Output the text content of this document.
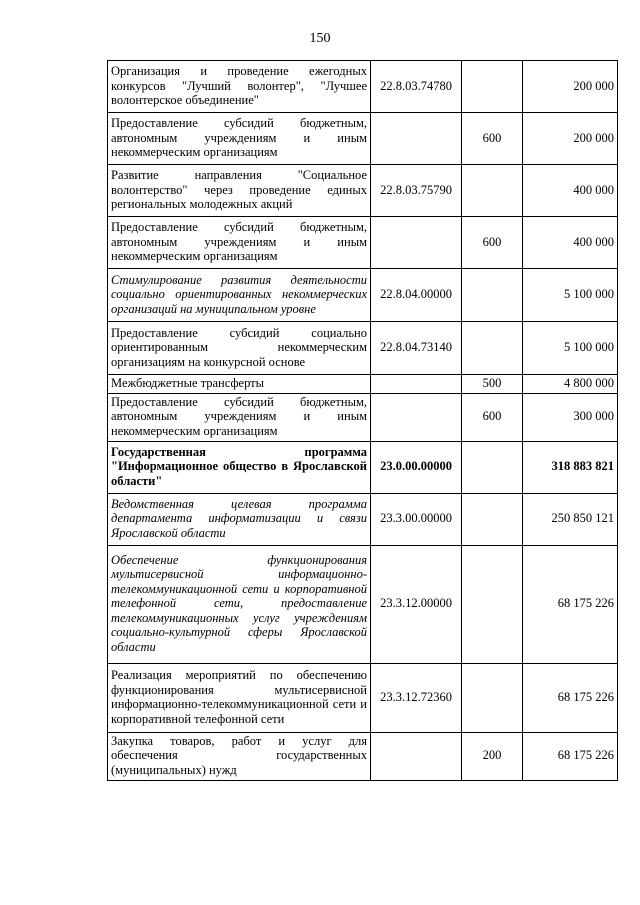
150
Организация и проведение ежегодных конкурсов "Лучший волонтер", "Лучшее волонтерское объединение"	22.8.03.74780		200 000
Предоставление субсидий бюджетным, автономным учреждениям и иным некоммерческим организациям		600	200 000
Развитие направления "Социальное волонтерство" через проведение единых региональных молодежных акций	22.8.03.75790		400 000
Предоставление субсидий бюджетным, автономным учреждениям и иным некоммерческим организациям		600	400 000
Стимулирование развития деятельности социально ориентированных некоммерческих организаций на муниципальном уровне	22.8.04.00000		5 100 000
Предоставление субсидий социально ориентированным некоммерческим организациям на конкурсной основе	22.8.04.73140		5 100 000
Межбюджетные трансферты		500	4 800 000
Предоставление субсидий бюджетным, автономным учреждениям и иным некоммерческим организациям		600	300 000
Государственная программа "Информационное общество в Ярославской области"	23.0.00.00000		318 883 821
Ведомственная целевая программа департамента информатизации и связи Ярославской области	23.3.00.00000		250 850 121
Обеспечение функционирования мультисервисной информационно-телекоммуникационной сети и корпоративной телефонной сети, предоставление телекоммуникационных услуг учреждениям социально-культурной сферы Ярославской области	23.3.12.00000		68 175 226
Реализация мероприятий по обеспечению функционирования мультисервисной информационно-телекоммуникационной сети и корпоративной телефонной сети	23.3.12.72360		68 175 226
Закупка товаров, работ и услуг для обеспечения государственных (муниципальных) нужд		200	68 175 226
